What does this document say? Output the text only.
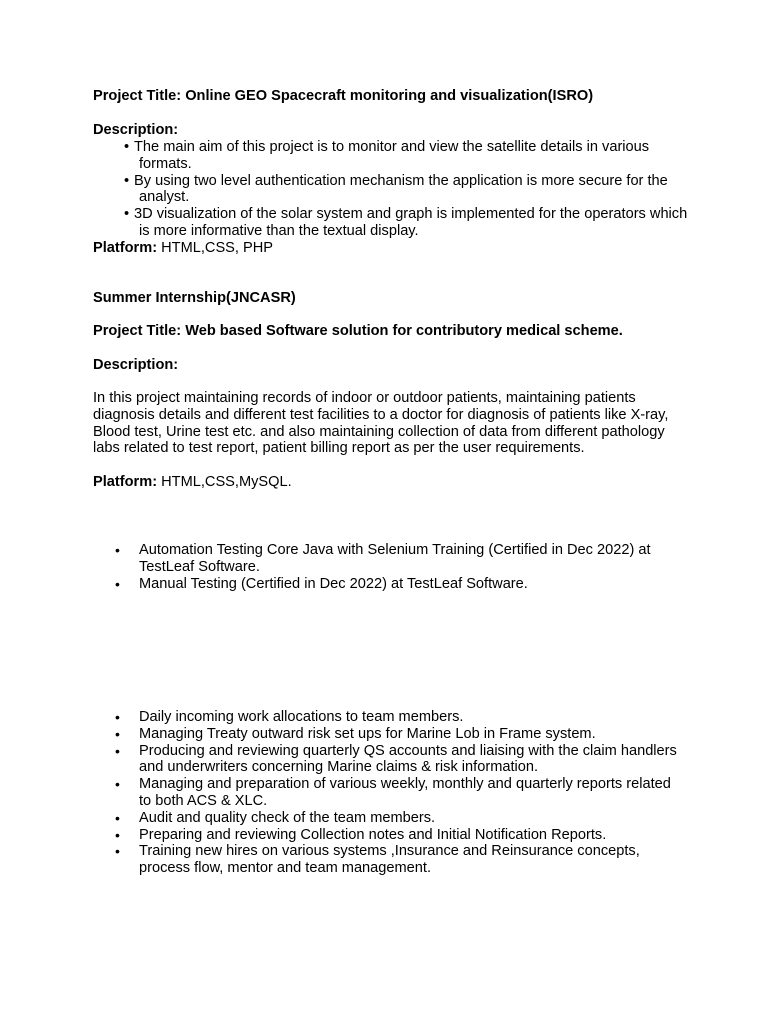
Project Title: Online GEO Spacecraft monitoring and visualization(ISRO)
Description:
• The main aim of this project is to monitor and view the satellite details in various formats.
• By using two level authentication mechanism the application is more secure for the analyst.
• 3D visualization of the solar system and graph is implemented for the operators which is more informative than the textual display.
Platform: HTML,CSS, PHP
Summer Internship(JNCASR)
Project Title: Web based Software solution for contributory medical scheme.
Description:
In this project maintaining records of indoor or outdoor patients, maintaining patients diagnosis details and different test facilities to a doctor for diagnosis of patients like X-ray, Blood test, Urine test etc. and also maintaining collection of data from different pathology labs related to test report, patient billing report as per the user requirements.
Platform: HTML,CSS,MySQL.
• Automation Testing Core Java with Selenium Training (Certified in Dec 2022) at TestLeaf Software.
• Manual Testing (Certified in Dec 2022) at TestLeaf Software.
• Daily incoming work allocations to team members.
• Managing Treaty outward risk set ups for Marine Lob in Frame system.
• Producing and reviewing quarterly QS accounts and liaising with the claim handlers and underwriters concerning Marine claims & risk information.
• Managing and preparation of various weekly, monthly and quarterly reports related to both ACS & XLC.
• Audit and quality check of the team members.
• Preparing and reviewing Collection notes and Initial Notification Reports.
• Training new hires on various systems ,Insurance and Reinsurance concepts, process flow, mentor and team management.
